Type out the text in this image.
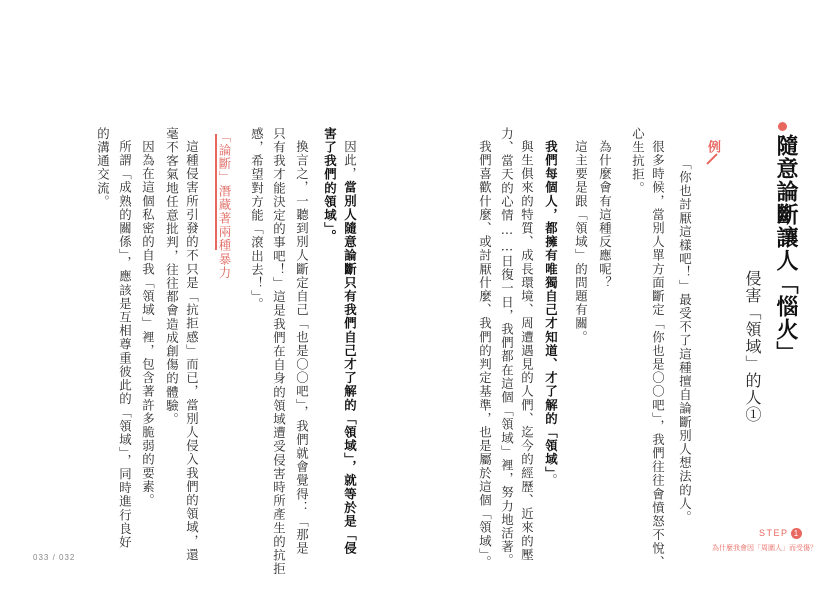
隨意論斷讓人「惱火」
侵害「領域」的人①
例
「你也討厭這樣吧！」最受不了這種擅自論斷別人想法的人。
很多時候，當別人單方面斷定「你也是〇〇吧」，我們往往會憤怒不悅、
心生抗拒。
為什麼會有這種反應呢？
這主要是跟「領域」的問題有關。
我們每個人，都擁有唯獨自己才知道、才了解的「領域」。
與生俱來的特質、成長環境、周遭遇見的人們、迄今的經歷、近來的壓
力、當天的心情……日復一日，我們都在這個「領域」裡，努力地活著。
我們喜歡什麼、或討厭什麼、我們的判定基準，也是屬於這個「領域」。
因此，當別人隨意論斷只有我們自己才了解的「領域」，就等於是「侵
害了我們的領域」。
換言之，一聽到別人斷定自己「也是〇〇吧」，我們就會覺得：「那是
只有我才能決定的事吧！」這是我們在自身的領域遭受侵害時所產生的抗拒
感，希望對方能「滾出去！」。
「論斷」潛藏著兩種暴力
這種侵害所引發的不只是「抗拒感」而已，當別人侵入我們的領域，還
毫不客氣地任意批判，往往都會造成創傷的體驗。
因為在這個私密的自我「領域」裡，包含著許多脆弱的要素。
所謂「成熟的關係」，應該是互相尊重彼此的「領域」，同時進行良好
的溝通交流。
033 / 032
STEP 1
為什麼我會因「周圍人」而受傷？
